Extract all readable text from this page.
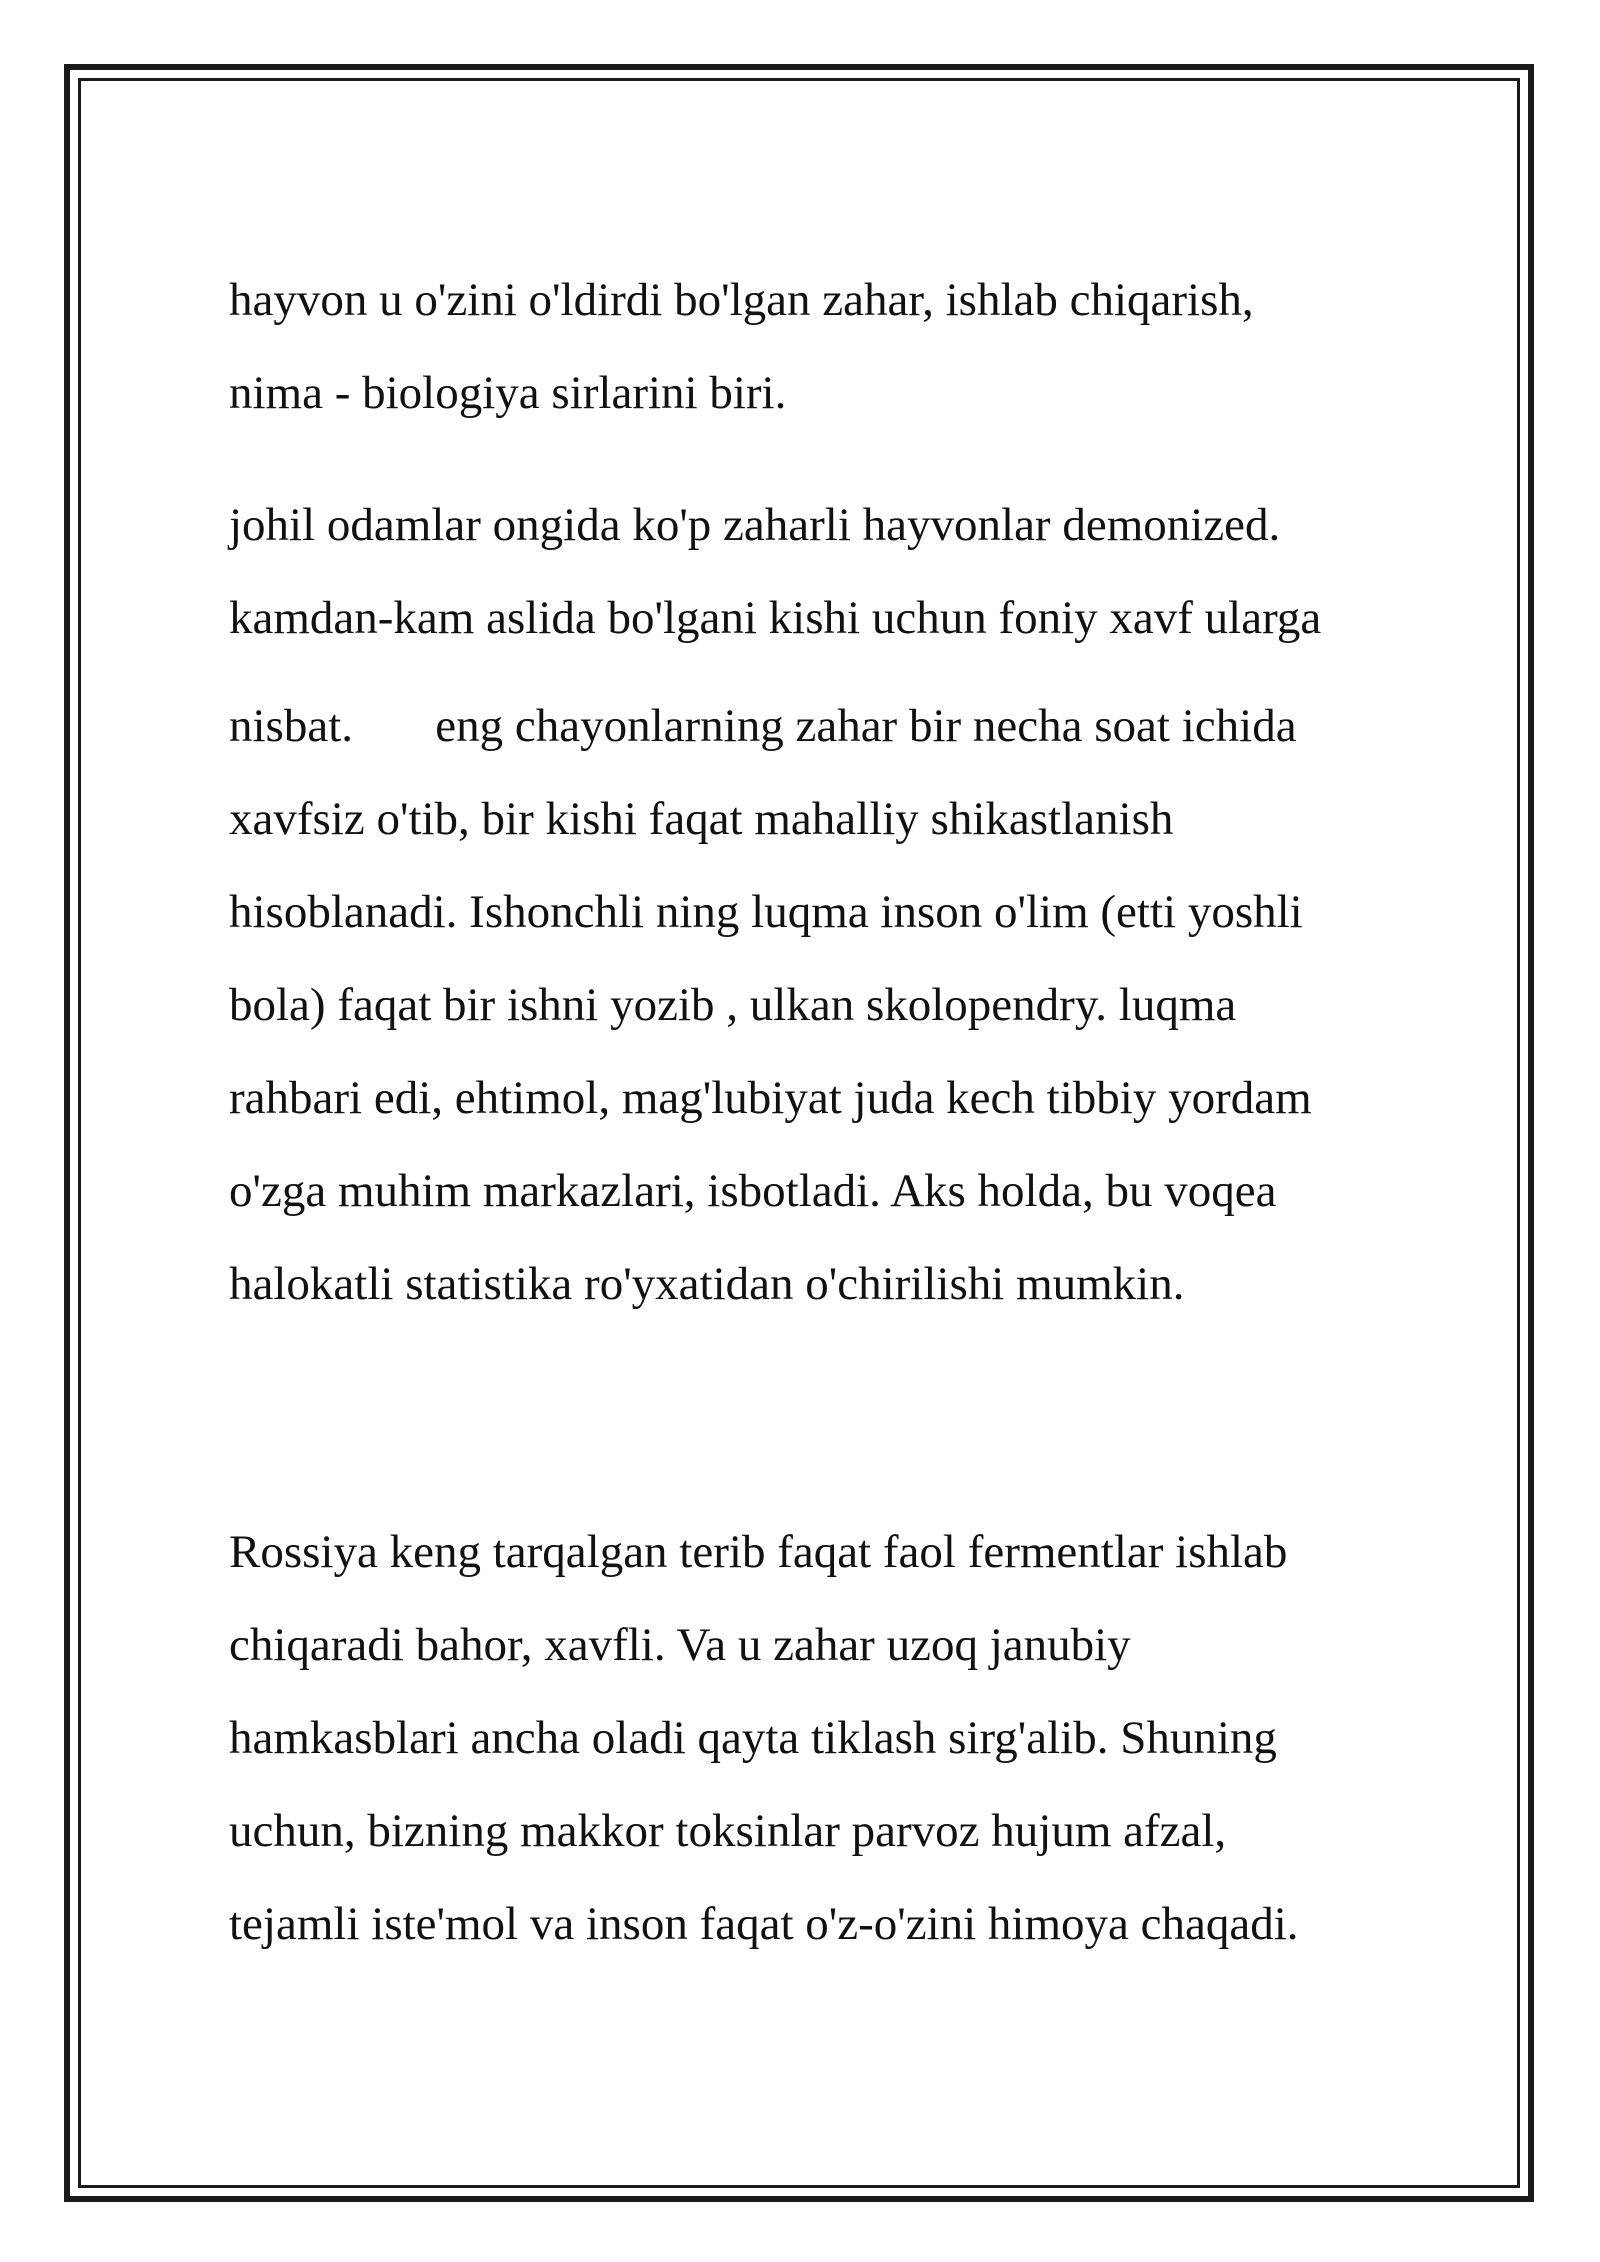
hayvon u o'zini o'ldirdi bo'lgan zahar, ishlab chiqarish,

nima - biologiya sirlarini biri.

johil odamlar ongida ko'p zaharli hayvonlar demonized.

kamdan-kam aslida bo'lgani kishi uchun foniy xavf ularga

nisbat.       eng chayonlarning zahar bir necha soat ichida

xavfsiz o'tib, bir kishi faqat mahalliy shikastlanish

hisoblanadi. Ishonchli ning luqma inson o'lim (etti yoshli

bola) faqat bir ishni yozib , ulkan skolopendry. luqma

rahbari edi, ehtimol, mag'lubiyat juda kech tibbiy yordam

o'zga muhim markazlari, isbotladi. Aks holda, bu voqea

halokatli statistika ro'yxatidan o'chirilishi mumkin.

Rossiya keng tarqalgan terib faqat faol fermentlar ishlab

chiqaradi bahor, xavfli. Va u zahar uzoq janubiy

hamkasblari ancha oladi qayta tiklash sirg'alib. Shuning

uchun, bizning makkor toksinlar parvoz hujum afzal,

tejamli iste'mol va inson faqat o'z-o'zini himoya chaqadi.
